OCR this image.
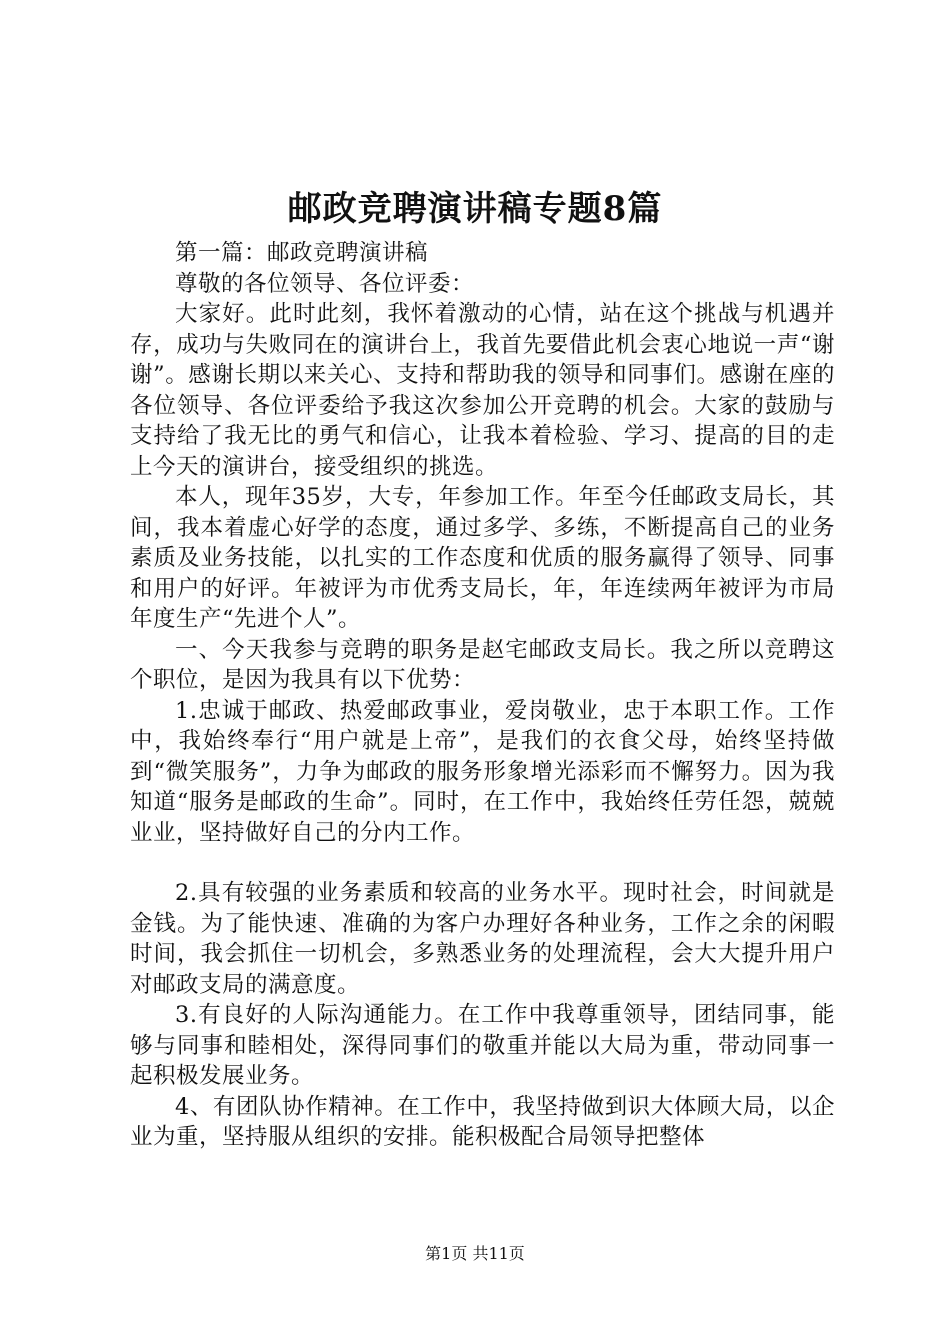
邮政竞聘演讲稿专题8篇

第一篇：邮政竞聘演讲稿

尊敬的各位领导、各位评委：

大家好。此时此刻，我怀着激动的心情，站在这个挑战与机遇并存，成功与失败同在的演讲台上，我首先要借此机会衷心地说一声“谢谢”。感谢长期以来关心、支持和帮助我的领导和同事们。感谢在座的各位领导、各位评委给予我这次参加公开竞聘的机会。大家的鼓励与支持给了我无比的勇气和信心，让我本着检验、学习、提高的目的走上今天的演讲台，接受组织的挑选。

本人，现年35岁，大专，年参加工作。年至今任邮政支局长，其间，我本着虚心好学的态度，通过多学、多练，不断提高自己的业务素质及业务技能，以扎实的工作态度和优质的服务赢得了领导、同事和用户的好评。年被评为市优秀支局长，年，年连续两年被评为市局年度生产“先进个人”。

一、今天我参与竞聘的职务是赵宅邮政支局长。我之所以竞聘这个职位，是因为我具有以下优势：

1.忠诚于邮政、热爱邮政事业，爱岗敬业，忠于本职工作。工作中，我始终奉行“用户就是上帝”，是我们的衣食父母，始终坚持做到“微笑服务”，力争为邮政的服务形象增光添彩而不懈努力。因为我知道“服务是邮政的生命”。同时，在工作中，我始终任劳任怨，兢兢业业，坚持做好自己的分内工作。

2.具有较强的业务素质和较高的业务水平。现时社会，时间就是金钱。为了能快速、准确的为客户办理好各种业务，工作之余的闲暇时间，我会抓住一切机会，多熟悉业务的处理流程，会大大提升用户对邮政支局的满意度。

3.有良好的人际沟通能力。在工作中我尊重领导，团结同事，能够与同事和睦相处，深得同事们的敬重并能以大局为重，带动同事一起积极发展业务。

4、有团队协作精神。在工作中，我坚持做到识大体顾大局，以企业为重，坚持服从组织的安排。能积极配合局领导把整体

第1页 共11页
